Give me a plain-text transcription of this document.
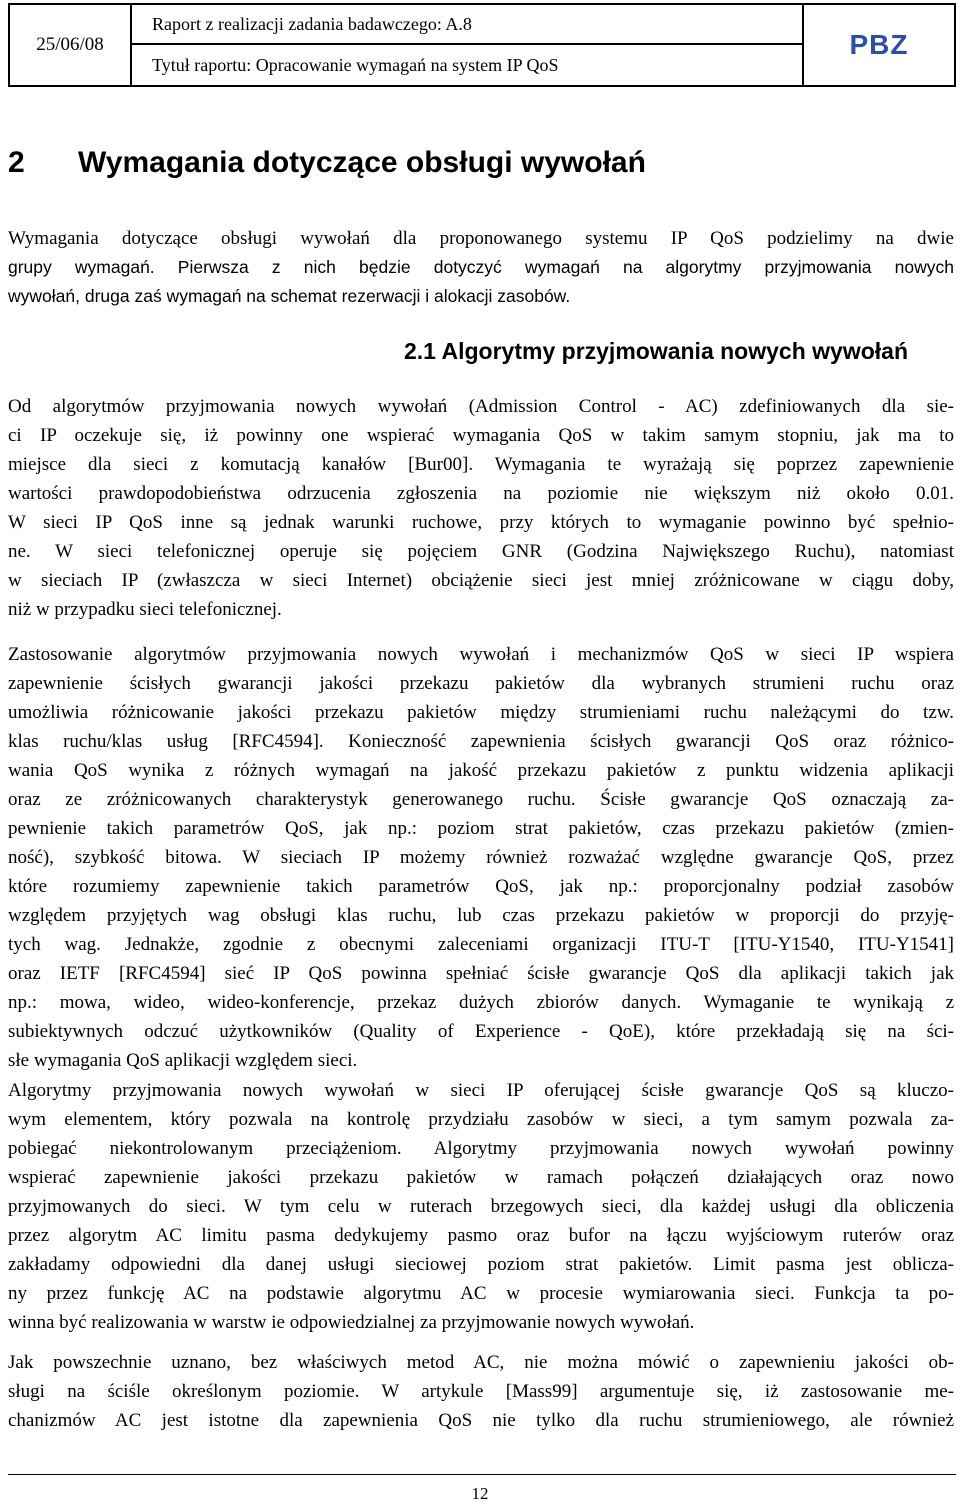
25/06/08
Raport z realizacji zadania badawczego: A.8
Tytuł raportu: Opracowanie wymagań na system IP QoS
PBZ
2 Wymagania dotyczące obsługi wywołań
Wymagania dotyczące obsługi wywołań dla proponowanego systemu IP QoS podzielimy na dwie
grupy wymagań. Pierwsza z nich będzie dotyczyć wymagań na algorytmy przyjmowania nowych
wywołań, druga zaś wymagań na schemat rezerwacji i alokacji zasobów.
2.1 Algorytmy przyjmowania nowych wywołań
Od algorytmów przyjmowania nowych wywołań (Admission Control - AC) zdefiniowanych dla sie-
ci IP oczekuje się, iż powinny one wspierać wymagania QoS w takim samym stopniu, jak ma to
miejsce dla sieci z komutacją kanałów [Bur00]. Wymagania te wyrażają się poprzez zapewnienie
wartości prawdopodobieństwa odrzucenia zgłoszenia na poziomie nie większym niż około 0.01.
W sieci IP QoS inne są jednak warunki ruchowe, przy których to wymaganie powinno być spełnio-
ne. W sieci telefonicznej operuje się pojęciem GNR (Godzina Największego Ruchu), natomiast
w sieciach IP (zwłaszcza w sieci Internet) obciążenie sieci jest mniej zróżnicowane w ciągu doby,
niż w przypadku sieci telefonicznej.
Zastosowanie algorytmów przyjmowania nowych wywołań i mechanizmów QoS w sieci IP wspiera
zapewnienie ścisłych gwarancji jakości przekazu pakietów dla wybranych strumieni ruchu oraz
umożliwia różnicowanie jakości przekazu pakietów między strumieniami ruchu należącymi do tzw.
klas ruchu/klas usług [RFC4594]. Konieczność zapewnienia ścisłych gwarancji QoS oraz różnico-
wania QoS wynika z różnych wymagań na jakość przekazu pakietów z punktu widzenia aplikacji
oraz ze zróżnicowanych charakterystyk generowanego ruchu. Ścisłe gwarancje QoS oznaczają za-
pewnienie takich parametrów QoS, jak np.: poziom strat pakietów, czas przekazu pakietów (zmien-
ność), szybkość bitowa. W sieciach IP możemy również rozważać względne gwarancje QoS, przez
które rozumiemy zapewnienie takich parametrów QoS, jak np.: proporcjonalny podział zasobów
względem przyjętych wag obsługi klas ruchu, lub czas przekazu pakietów w proporcji do przyję-
tych wag. Jednakże, zgodnie z obecnymi zaleceniami organizacji ITU-T [ITU-Y1540, ITU-Y1541]
oraz IETF [RFC4594] sieć IP QoS powinna spełniać ścisłe gwarancje QoS dla aplikacji takich jak
np.: mowa, wideo, wideo-konferencje, przekaz dużych zbiorów danych. Wymaganie te wynikają z
subiektywnych odczuć użytkowników (Quality of Experience - QoE), które przekładają się na ści-
słe wymagania QoS aplikacji względem sieci.
Algorytmy przyjmowania nowych wywołań w sieci IP oferującej ścisłe gwarancje QoS są kluczo-
wym elementem, który pozwala na kontrolę przydziału zasobów w sieci, a tym samym pozwala za-
pobiegać niekontrolowanym przeciążeniom. Algorytmy przyjmowania nowych wywołań powinny
wspierać zapewnienie jakości przekazu pakietów w ramach połączeń działających oraz nowo
przyjmowanych do sieci. W tym celu w ruterach brzegowych sieci, dla każdej usługi dla obliczenia
przez algorytm AC limitu pasma dedykujemy pasmo oraz bufor na łączu wyjściowym ruterów oraz
zakładamy odpowiedni dla danej usługi sieciowej poziom strat pakietów. Limit pasma jest oblicza-
ny przez funkcję AC na podstawie algorytmu AC w procesie wymiarowania sieci. Funkcja ta po-
winna być realizowania w warstw ie odpowiedzialnej za przyjmowanie nowych wywołań.
Jak powszechnie uznano, bez właściwych metod AC, nie można mówić o zapewnieniu jakości ob-
sługi na ściśle określonym poziomie. W artykule [Mass99] argumentuje się, iż zastosowanie me-
chanizmów AC jest istotne dla zapewnienia QoS nie tylko dla ruchu strumieniowego, ale również
12
